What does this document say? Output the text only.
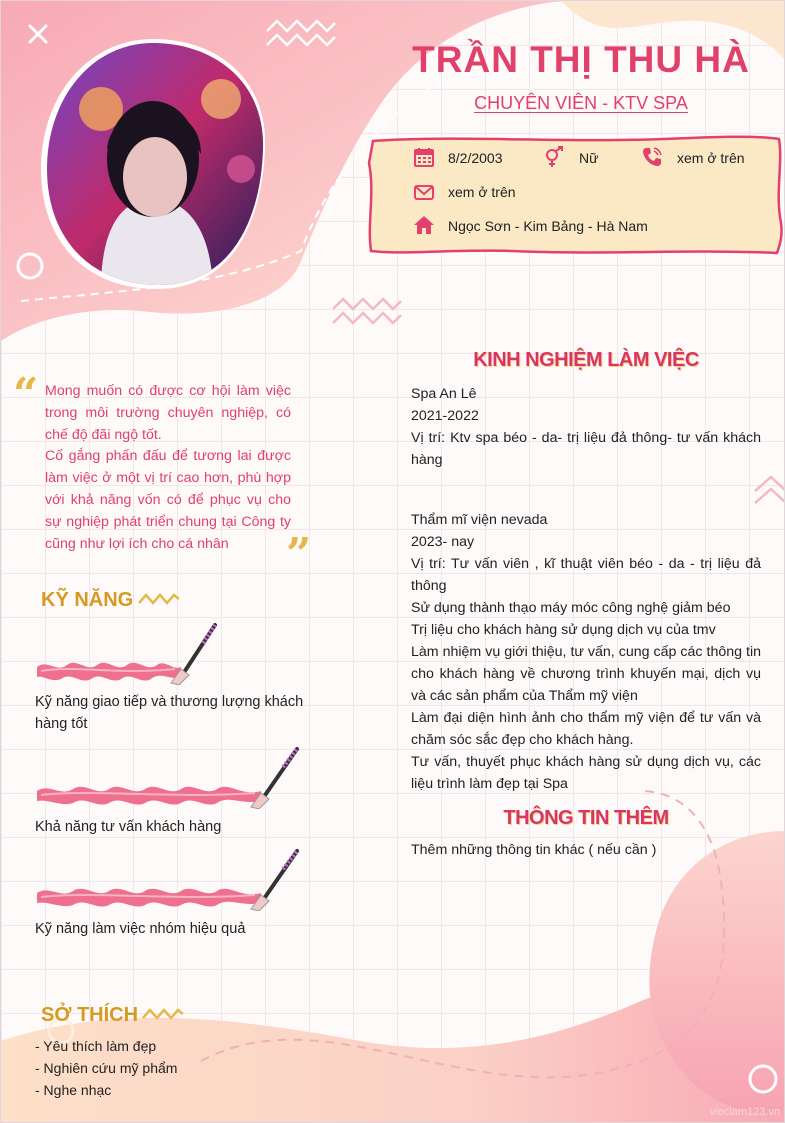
TRẦN THỊ THU HÀ
CHUYÊN VIÊN - KTV SPA
8/2/2003	Nữ	xem ở trên
xem ở trên
Ngọc Sơn - Kim Bảng - Hà Nam
“ Mong muốn có được cơ hội làm việc trong môi trường chuyên nghiệp, có chế độ đãi ngộ tốt.

Cố gắng phấn đấu để tương lai được làm việc ở một vị trí cao hơn, phù hợp với khả năng vốn có để phục vụ cho sự nghiệp phát triển chung tại Công ty cũng như lợi ích cho cá nhân	”
KỸ NĂNG
Kỹ năng giao tiếp và thương lượng khách hàng tốt
Khả năng tư vấn khách hàng
Kỹ năng làm việc nhóm hiệu quả
SỞ THÍCH
- Yêu thích làm đẹp
- Nghiên cứu mỹ phẩm
- Nghe nhạc
KINH NGHIỆM LÀM VIỆC
Spa An Lê
2021-2022
Vị trí: Ktv spa béo - da- trị liệu đả thông- tư vấn khách hàng
Thẩm mĩ viện nevada
2023- nay
Vị trí: Tư vấn viên , kĩ thuật viên béo - da - trị liệu đả thông
Sử dụng thành thạo máy móc công nghệ giảm béo
Trị liệu cho khách hàng sử dụng dịch vụ của tmv
Làm nhiệm vụ giới thiệu, tư vấn, cung cấp các thông tin cho khách hàng về chương trình khuyến mại, dịch vụ và các sản phẩm của Thẩm mỹ viện
Làm đại diện hình ảnh cho thẩm mỹ viện để tư vấn và chăm sóc sắc đẹp cho khách hàng.
Tư vấn, thuyết phục khách hàng sử dụng dịch vụ, các liệu trình làm đẹp tại Spa
THÔNG TIN THÊM
Thêm những thông tin khác ( nếu cần )
vieclam123.vn
